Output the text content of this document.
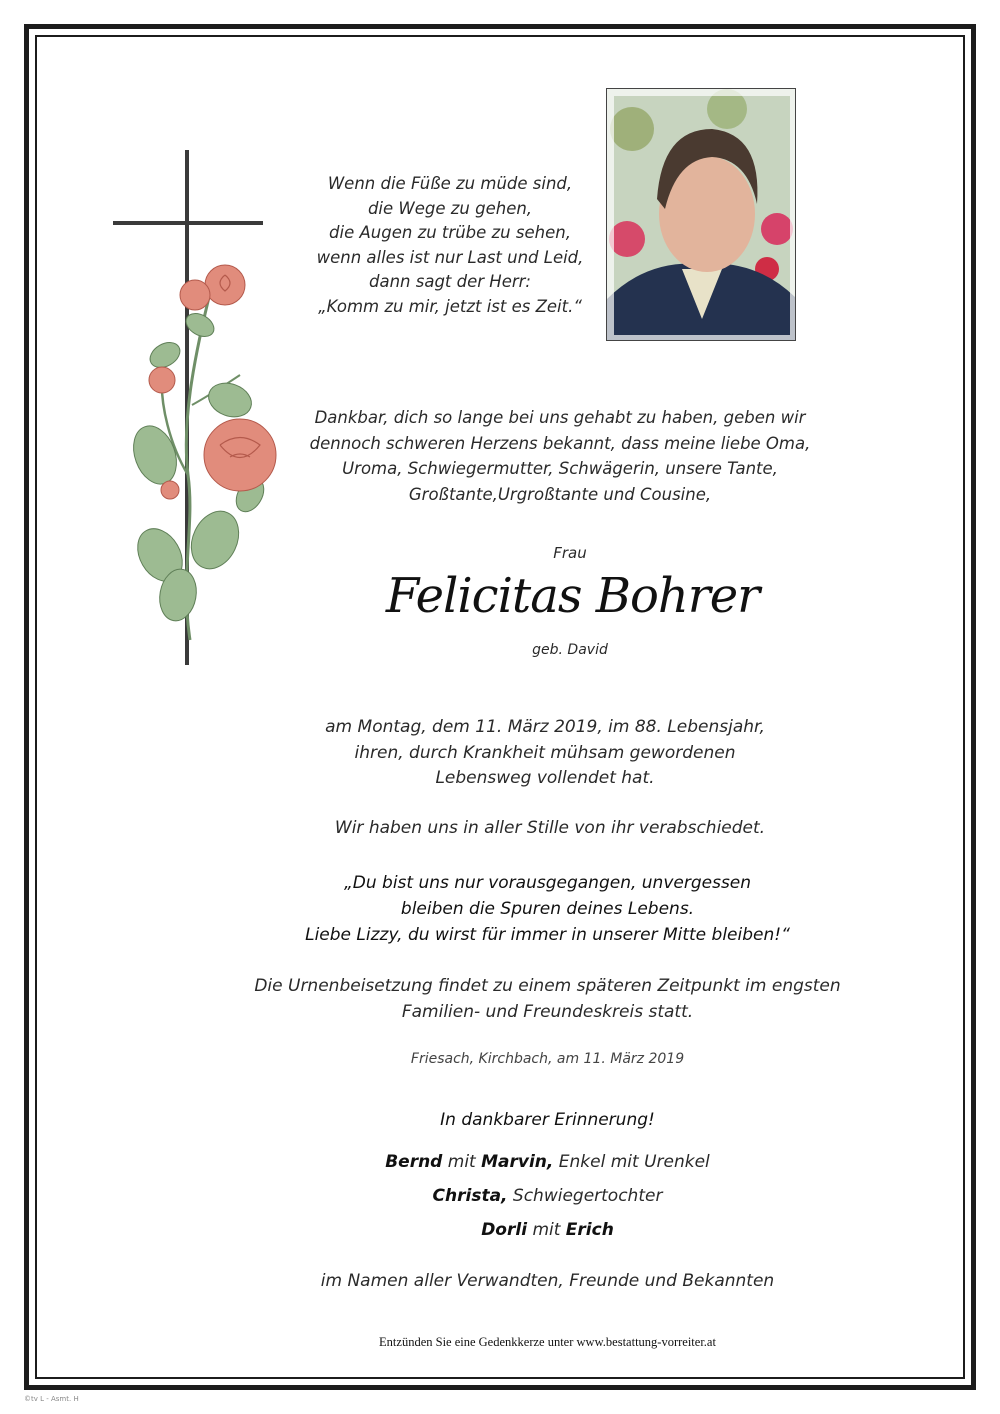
Wenn die Füße zu müde sind,
die Wege zu gehen,
die Augen zu trübe zu sehen,
wenn alles ist nur Last und Leid,
dann sagt der Herr:
„Komm zu mir, jetzt ist es Zeit.“
Dankbar, dich so lange bei uns gehabt zu haben, geben wir
dennoch schweren Herzens bekannt, dass meine liebe Oma,
Uroma, Schwiegermutter, Schwägerin, unsere Tante,
Großtante,Urgroßtante und Cousine,
Frau
Felicitas Bohrer
geb. David
am Montag, dem 11. März 2019, im 88. Lebensjahr,
ihren, durch Krankheit mühsam gewordenen
Lebensweg vollendet hat.
Wir haben uns in aller Stille von ihr verabschiedet.
„Du bist uns nur vorausgegangen, unvergessen
bleiben die Spuren deines Lebens.
Liebe Lizzy, du wirst für immer in unserer Mitte bleiben!“
Die Urnenbeisetzung findet zu einem späteren Zeitpunkt im engsten
Familien- und Freundeskreis statt.
Friesach, Kirchbach, am 11. März 2019
In dankbarer Erinnerung!
Bernd mit Marvin, Enkel mit Urenkel
Christa, Schwiegertochter
Dorli mit Erich
im Namen aller Verwandten, Freunde und Bekannten
Entzünden Sie eine Gedenkkerze unter www.bestattung-vorreiter.at
©tv L - Asmt. H
